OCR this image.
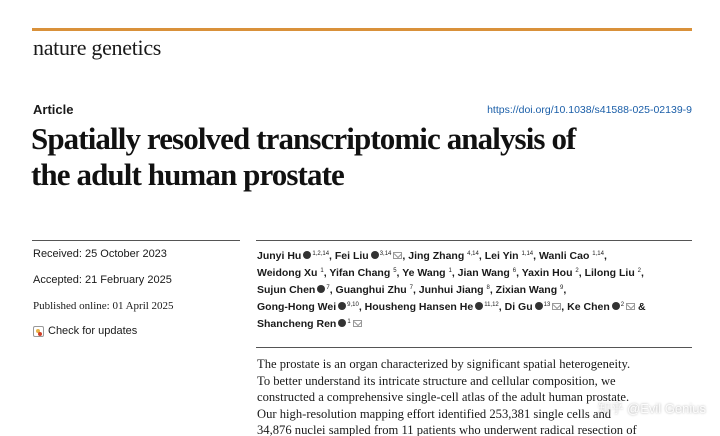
nature genetics
Article	https://doi.org/10.1038/s41588-025-02139-9
Spatially resolved transcriptomic analysis of
the adult human prostate
Received: 25 October 2023
Accepted: 21 February 2025
Published online: 01 April 2025
Check for updates
Junyi Hu $^{1,2,14}$, Fei Liu $^{3,14}$ , Jing Zhang $^{4,14}$, Lei Yin $^{1,14}$, Wanli Cao $^{1,14}$,
Weidong Xu $^1$, Yifan Chang $^5$, Ye Wang $^1$, Jian Wang $^6$, Yaxin Hou $^2$, Lilong Liu $^2$,
Sujun Chen $^7$, Guanghui Zhu $^7$, Junhui Jiang $^8$, Zixian Wang $^9$,
Gong-Hong Wei $^{9,10}$, Housheng Hansen He $^{11,12}$, Di Gu $^{13}$ , Ke Chen $^2$ &
Shancheng Ren $^1$
The prostate is an organ characterized by significant spatial heterogeneity.
To better understand its intricate structure and cellular composition, we
constructed a comprehensive single-cell atlas of the adult human prostate.
Our high-resolution mapping effort identified 253,381 single cells and
34,876 nuclei sampled from 11 patients who underwent radical resection of
知乎 @Evil Genius
